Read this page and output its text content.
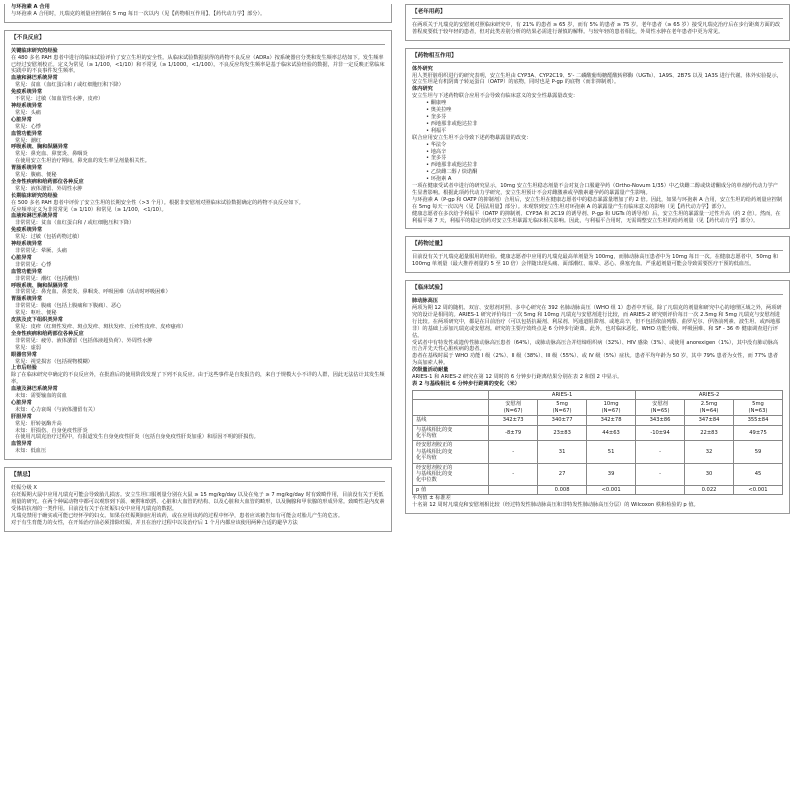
与环孢素 A 合用

与环孢素 A 合用时，凡瑞克的剂量应控制在 5 mg 每日一次以内（见【药物相互作用】、【药代动力学】部分）。

【不良反应】

关键临床研究的经验

在 480 多名 PAH 患者中进行的临床试验评价了安立生坦的安全性。从临床试验数据获得的药物不良反应（ADRs）按系统器官分类和发生频率总结如下。发生频率已经过安慰剂校正。定义为常见（≥ 1/100，<1/10）和不常见（≥ 1/1000，<1/100）。不良反应均发生频率是基于临床试验经验的数据，并非一定反映正常临床实践中的不良事件发生频率。

血液和淋巴系统异常

常见：贫血（血红蛋白和 / 或红细胞压积下降）

免疫系统异常

不常见：过敏（如血管性水肿，皮疹）

神经系统异常

常见：头痛

心脏异常

常见：心悸

血管功能异常

常见：潮红

呼吸系统、胸和纵隔异常

常见：鼻充血、鼻窦炎、鼻咽炎

在使用安立生坦治疗期间，鼻充血的发生率呈剂量相关性。

胃肠系统异常

常见：腹痛、便秘

全身性疾病和给药部位各种反应

常见：液体潴留、外周性水肿

长期临床研究的经验

在 500 多名 PAH 患者中评价了安立生坦的长期安全性（>3 个月）。根据非安慰剂对照临床试验数据确定的药物不良反应如下。

反应频率定义为非常常见（≥ 1/10）和常见（≥ 1/100，<1/10）。

血液和淋巴系统异常

非常常见：贫血（血红蛋白和 / 或红细胞压积下降）

免疫系统异常

常见：过敏（包括药物过敏）

神经系统异常

非常常见：晕厥、头痛

心脏异常

非常常见：心悸

血管功能异常

非常常见：潮红（包括潮热）

呼吸系统、胸和纵隔异常

非常常见：鼻充血、鼻窦炎、鼻咽炎、呼吸困难（活动时呼吸困难）

胃肠系统异常

非常常见：腹痛（包括上腹痛和下腹痛）、恶心

常见：呕吐、便秘

皮肤及皮下组织类异常

常见：皮疹（红斑性发疹、斑点发疹、斑状发疹、丘疹性皮疹、皮疹瘙痒）

全身性疾病和给药部位各种反应

非常常见：疲劳、液体潴留（包括体液超负荷）、外周性水肿

常见：虚弱

眼器官异常

常见：视觉损害（包括视物模糊）

上市后经验

除了在临床研究中确定的不良反应外，在批准后的使用阶段发现了下列不良反应。由于这些事件是自发报告的，来自于规模大小不详的人群，因此无法估计其发生频率。

血液及淋巴系统异常

未知：需要输血的贫血

心脏异常

未知：心力衰竭（与液体潴留有关）

肝胆异常

常见：肝转氨酶升高

未知：肝损伤、自身免疫性肝炎

在使用凡瑞克治疗过程中，有报道发生自身免疫性肝炎（包括自身免疫性肝炎加重）和原因不明的肝损伤。

血管异常

未知：低血压

【禁忌】

妊娠分级 X

在妊娠期大鼠中应用凡瑞克可能会导致胎儿损害。安立生坦口服剂量分别在大鼠 ≥ 15 mg/kg/day 以及在兔子 ≥ 7 mg/kg/day 时有致畸作用，目前没有关于更低剂量的研究。在两个种属动物中都可以观察到下颌、硬腭和软腭、心脏和大血管的结构、以及心脏和大血管的畸形，以及胸腺和甲状腺的形成异常。致畸性是内皮素受体拮抗剂的一类作用。目前没有关于在妊娠妇女中应用凡瑞克的数据。

凡瑞克禁用于确实或可能已经怀孕的妇女。如果在妊娠期间应用该药，或在应用该药的过程中怀孕，患者应该被告知有可能会对胎儿产生的危害。

对于有生育能力的女性，在开始治疗前必须排除妊娠，并且在治疗过程中以及治疗后 1 个月内都应该使用两种合适的避孕方法

【老年用药】

在两项关于凡瑞克的安慰剂对照临床研究中，有 21% 的患者 ≥ 65 岁，而有 5% 的患者 ≥ 75 岁。老年患者（≥ 65 岁）接受凡瑞克治疗后在步行距离方面的改善程度要低于较年轻的患者，但对此类差别分析的结果必需进行谨慎的解释。与较年轻的患者相比，外周性水肿在老年患者中更为常见。

【药物相互作用】

体外研究

用人类肝脏组织进行的研究表明，安立生坦由 CYP3A、CYP2C19、5'- 二磷酸葡萄糖醛酸转移酶（UGTs）、1A9S、2B7S 以及 1A3S 进行代谢。体外实验提示，安立生坦是有机阴离子转运蛋白（OATP）的底物，同时也是 P-gp 的底物（而非抑制剂）。

体内研究

安立生坦与下述药物联合应用不会导致有临床意义的安全性暴露量改变：

• 酮康唑

• 奥美拉唑

• 奎多芬

• 西地那非或他达拉非

• 利福平

联合应用安立生坦不会导致下述药物暴露量的改变：

• 华法令

• 地高辛

• 奎多芬

• 西地那非或他达拉非

• 乙炔雌二醇 / 炔诺酮

• 环孢素 A

一项在健康受试者中进行的研究显示，10mg 安立生坦稳态剂量不会对复合口服避孕药（Ortho-Novum 1/35）中乙炔雌二醇或炔诺酮成分的单剂药代动力学产生显著影响。根据此项药代动力学研究，安立生坦预计不会对雌激素或孕激素避孕药的暴露量产生影响。

与环孢素 A（P-gp 和 OATP 的抑制剂）合用后，安立生坦在健康志愿者中的稳态暴露量增加了约 2 倍。因此，如果与环孢素 A 合用，安立生坦的给药剂量应控制在 5mg 每天一次以内（见【用法用量】部分）。未观察到安立生坦对环孢素 A 的暴露量产生有临床意义的影响（见【药代动力学】部分）。

健康志愿者在多次给予利福平（OATP 的抑制剂、CYP3A 和 2C19 的诱导剂、P-gp 和 UGTs 的诱导剂）后，安立生坦的暴露量一过性升高（约 2 倍）。然而，在利福平第 7 天，利福平的稳定给药对安立生坦暴露无临床相关影响。因此，与利福平合用时，无需调整安立生坦的给药剂量（见【药代动力学】部分）。

【药物过量】

目前没有关于凡瑞克超量服用的经验。健康志愿者中应用的凡瑞克最高单剂量为 100mg，而肺动脉高压患者中为 10mg 每日一次。在健康志愿者中，50mg 和 100mg 单剂量（最大推荐剂量的 5 至 10 倍）会伴随出现头痛、面部潮红、眩晕、恶心、鼻塞充血。严重超剂量可能会导致需要医疗干预的低血压。

【临床试验】

肺动脉高压

两项为期 12 周的随机、双盲、安慰剂对照、多中心研究在 392 名肺动脉高压（WHO 组 1）患者中开展。除了凡瑞克的剂量和研究中心的地理区域之外，两项研究的设计是相同的。ARIES-1 研究评价每日一次 5mg 和 10mg 凡瑞克与安慰剂进行比较，而 ARIES-2 研究则评价每日一次 2.5mg 和 5mg 凡瑞克与安慰剂进行比较。在两项研究中，都是在目前治疗（可以包括抗凝剂、利尿剂、钙通道阻滞剂、或地高辛，但不包括依前列醇、曲罗尼尔、伊洛前列素、波生坦、或西地那非）的基础上添加凡瑞克或安慰剂。研究的主要疗效终点是 6 分钟步行距离。此外，也对临床恶化、WHO 功能分级、呼吸困难、和 SF - 36 ® 健康调查进行评估。

受试者中有特发性或遗传性肺动脉高压患者（64%），或肺动脉高压合并结缔组织病（32%）、HIV 感染（3%）、或使用 anorexigen（1%），其中没有肺动脉高压合并先天性心脏疾病的患者。

患者在基线时属于 WHO 功能 I 级（2%）、II 级（38%）、III 级（55%）、或 IV 级（5%）症状。患者平均年龄为 50 岁，其中 79% 患者为女性，而 77% 患者为高加索人种。

次级量活动耐量

ARIES-1 和 ARIES-2 研究在第 12 周时的 6 分钟步行距离结果分别在表 2 和图 2 中显示。

表 2 与基线相比 6 分钟步行距离的变化（米）

	ARIES-1			ARIES-2		
	安慰剂
(N=67)	5mg
(N=67)	10mg
(N=67)	安慰剂
(N=65)	2.5mg
(N=64)	5mg
(N=63)
基线	342±73	340±77	342±78	343±86	347±84	355±84
与基线相比的变
化平均值	-8±79	23±83	44±63	-10±94	22±83	49±75
经安慰剂校正的
与基线相比的变
化平均值	-	31	51	-	32	59
经安慰剂校正的
与基线相比的变
化中位数	-	27	39	-	30	45
p 值		0.008	<0.001		0.022	<0.001

平均值 ± 标准差

十名第 12 周时凡瑞克和安慰剂相比较（经过特发性肺动脉高压和非特发性肺动脉高压分层）的 Wilcoxon 秩和检验的 p 值。
